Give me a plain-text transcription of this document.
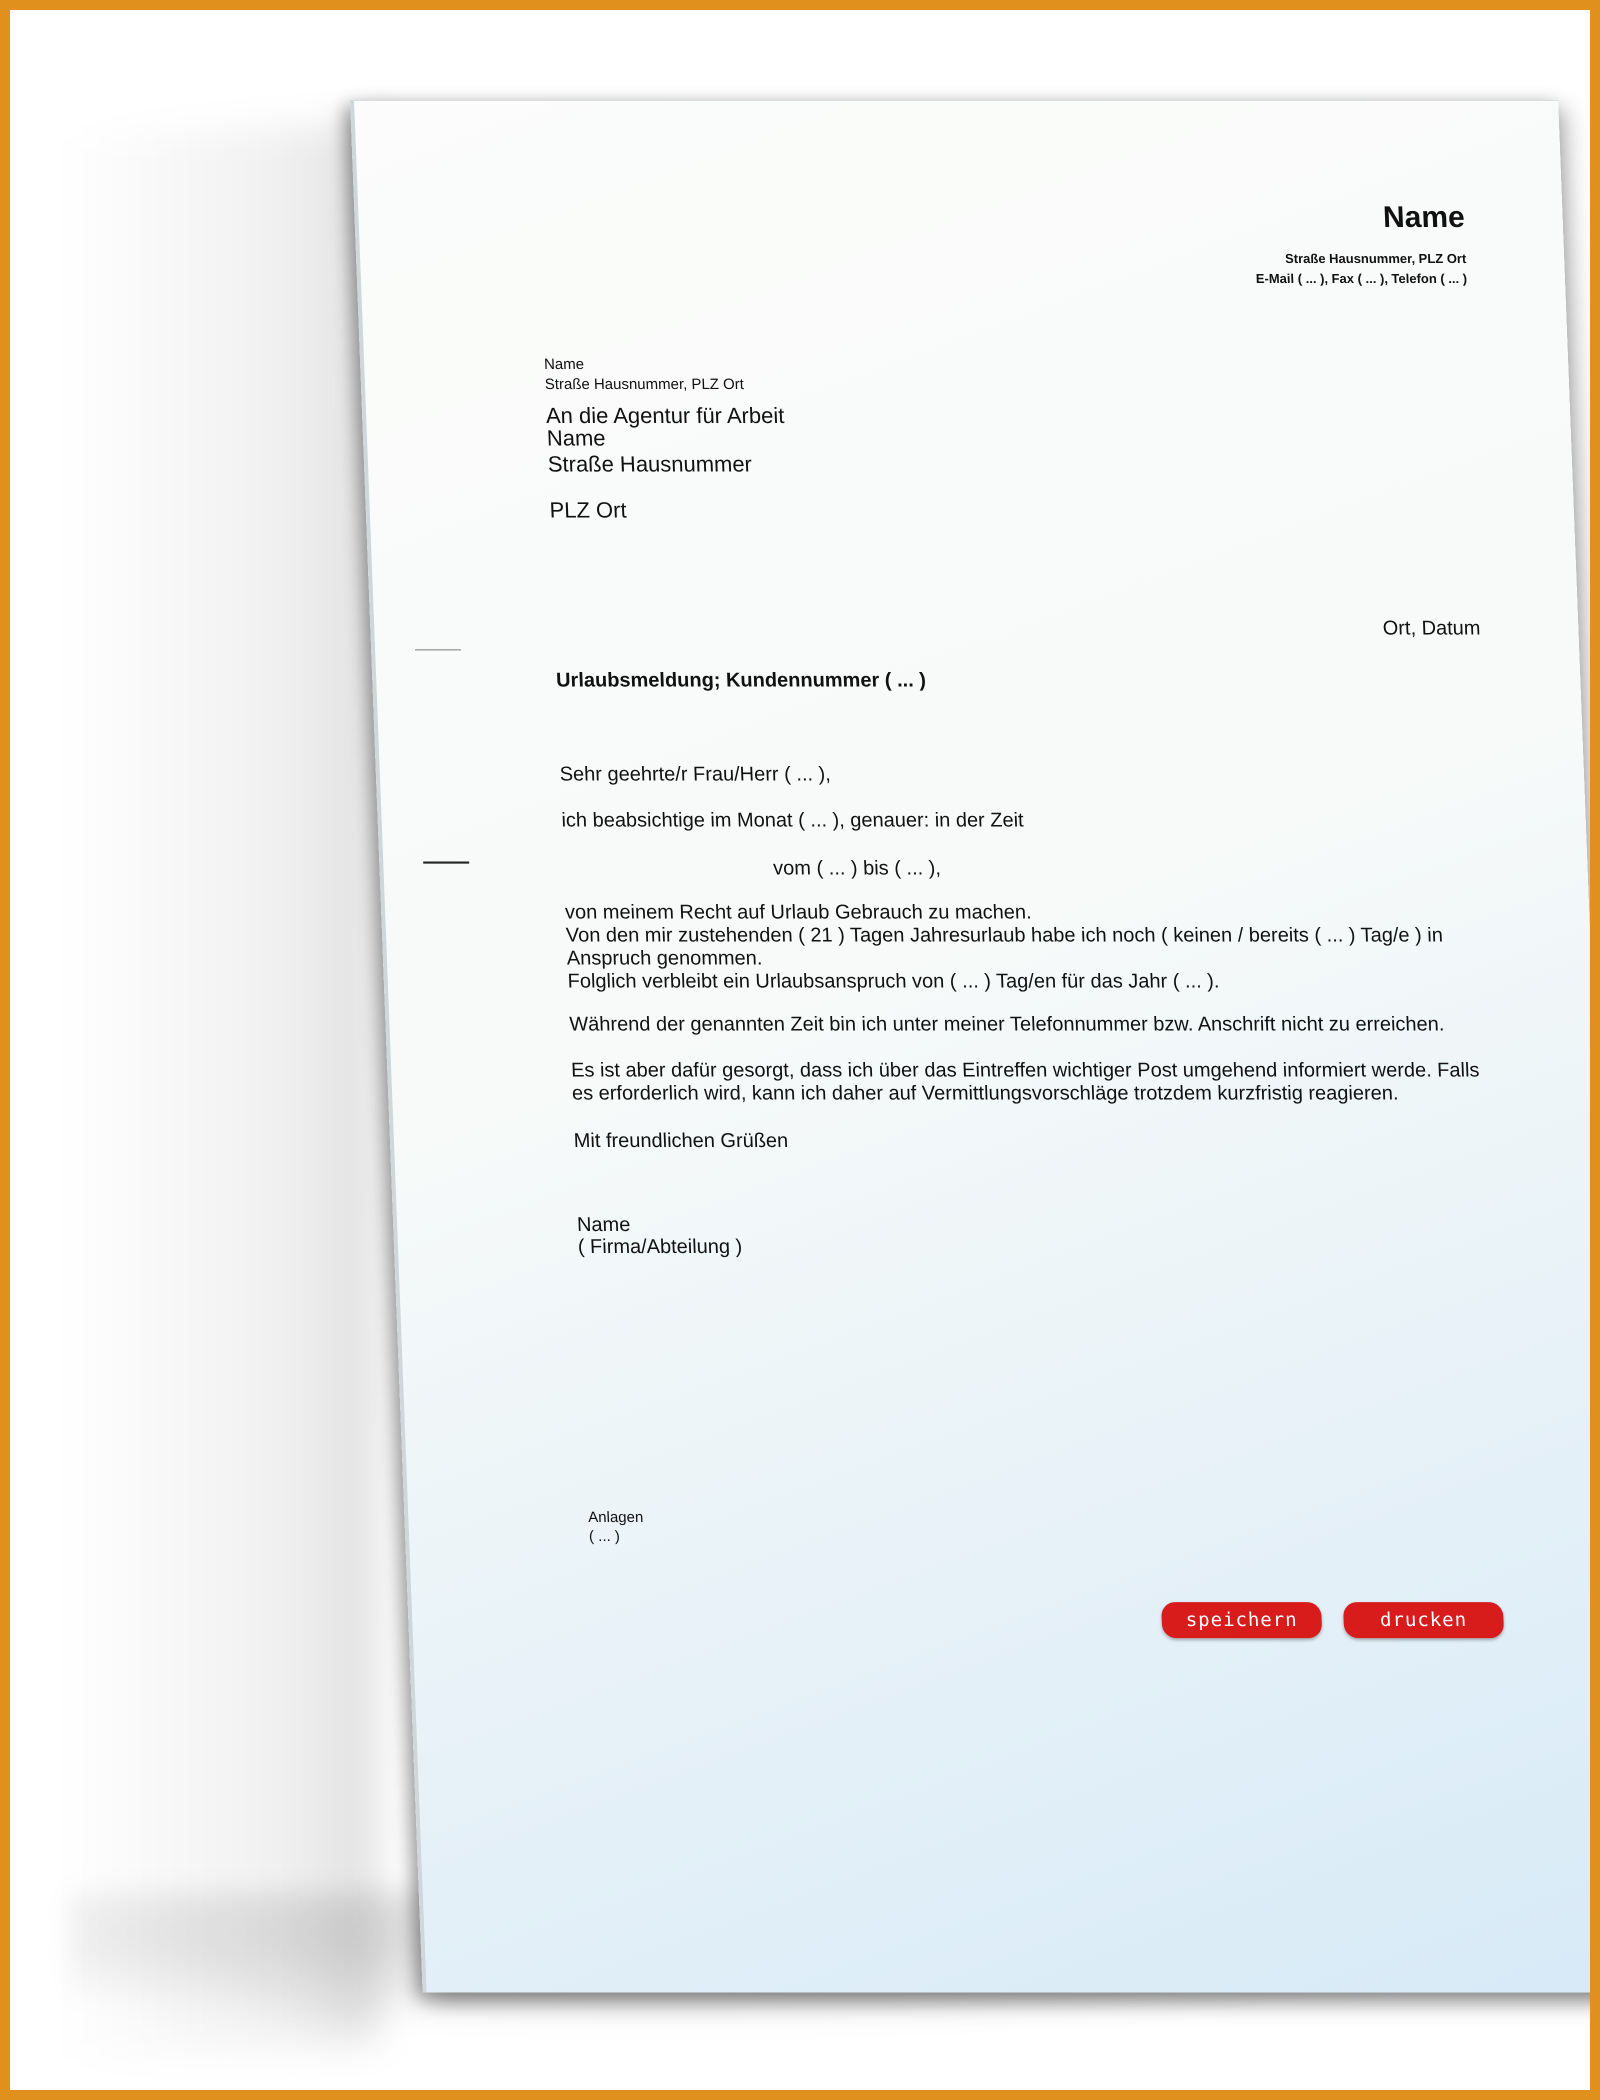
Name
Straße Hausnummer, PLZ Ort
E-Mail ( ... ), Fax ( ... ), Telefon ( ... )
Name
Straße Hausnummer, PLZ Ort
An die Agentur für Arbeit
Name
Straße Hausnummer
PLZ Ort
Ort, Datum
Urlaubsmeldung; Kundennummer ( ... )
Sehr geehrte/r Frau/Herr ( ... ),
ich beabsichtige im Monat ( ... ), genauer: in der Zeit
vom ( ... ) bis ( ... ),
von meinem Recht auf Urlaub Gebrauch zu machen.
Von den mir zustehenden ( 21 ) Tagen Jahresurlaub habe ich noch ( keinen / bereits ( ... ) Tag/e ) in
Anspruch genommen.
Folglich verbleibt ein Urlaubsanspruch von ( ... ) Tag/en für das Jahr ( ... ).
Während der genannten Zeit bin ich unter meiner Telefonnummer bzw. Anschrift nicht zu erreichen.
Es ist aber dafür gesorgt, dass ich über das Eintreffen wichtiger Post umgehend informiert werde. Falls
es erforderlich wird, kann ich daher auf Vermittlungsvorschläge trotzdem kurzfristig reagieren.
Mit freundlichen Grüßen
Name
( Firma/Abteilung )
Anlagen
( ... )
speichern	drucken
